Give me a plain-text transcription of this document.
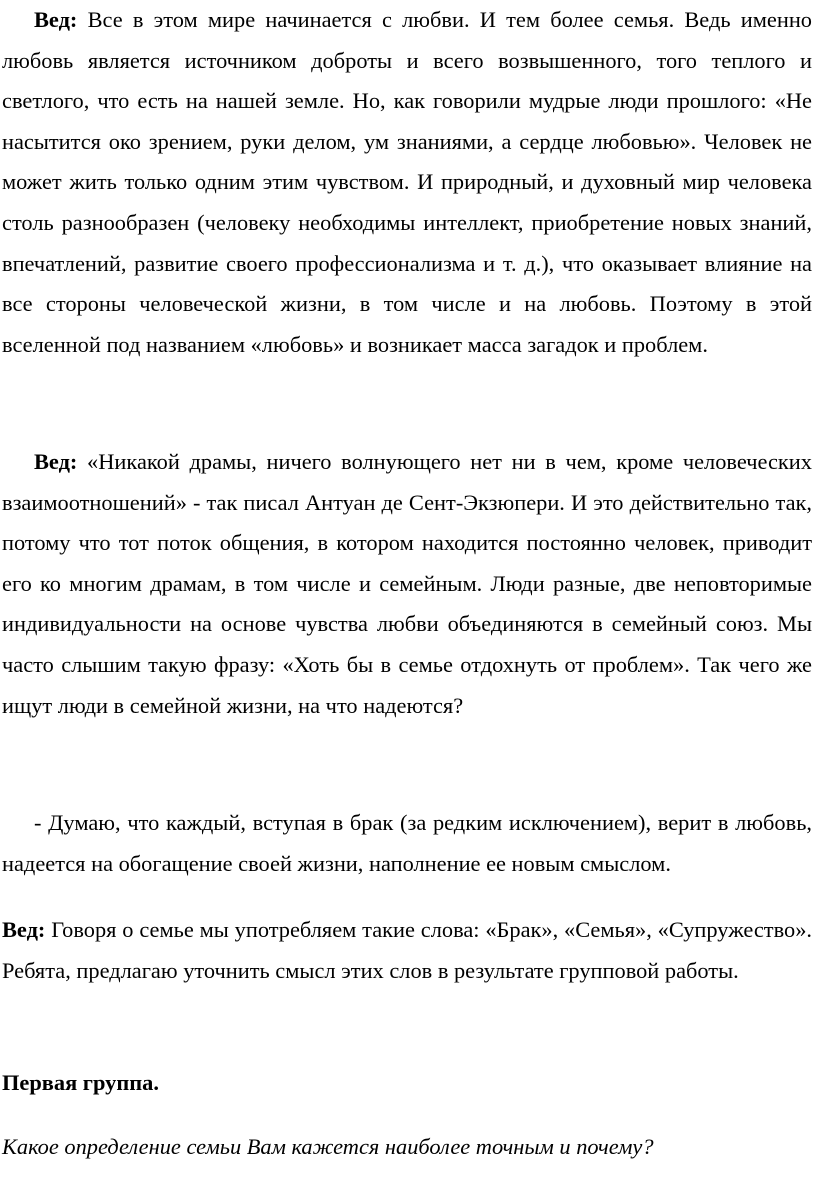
Вед: Все в этом мире начинается с любви. И тем более семья. Ведь именно любовь является источником доброты и всего возвышенного, того теплого и светлого, что есть на нашей земле. Но, как говорили мудрые люди прошлого: «Не насытится око зрением, руки делом, ум знаниями, а сердце любовью». Человек не может жить только одним этим чувством. И природный, и духовный мир человека столь разнообразен (человеку необходимы интеллект, приобретение новых знаний, впечатлений, развитие своего профессионализма и т. д.), что оказывает влияние на все стороны человеческой жизни, в том числе и на любовь. Поэтому в этой вселенной под названием «любовь» и возникает масса загадок и проблем.

Вед: «Никакой драмы, ничего волнующего нет ни в чем, кроме человеческих взаимоотношений» - так писал Антуан де Сент-Экзюпери. И это действительно так, потому что тот поток общения, в котором находится постоянно человек, приводит его ко многим драмам, в том числе и семейным. Люди разные, две неповторимые индивидуальности на основе чувства любви объединяются в семейный союз. Мы часто слышим такую фразу: «Хоть бы в семье отдохнуть от проблем». Так чего же ищут люди в семейной жизни, на что надеются?

- Думаю, что каждый, вступая в брак (за редким исключением), верит в любовь, надеется на обогащение своей жизни, наполнение ее новым смыслом.

Вед: Говоря о семье мы употребляем такие слова: «Брак», «Семья», «Супружество». Ребята, предлагаю уточнить смысл этих слов в результате групповой работы.

Первая группа.

Какое определение семьи Вам кажется наиболее точным и почему?
